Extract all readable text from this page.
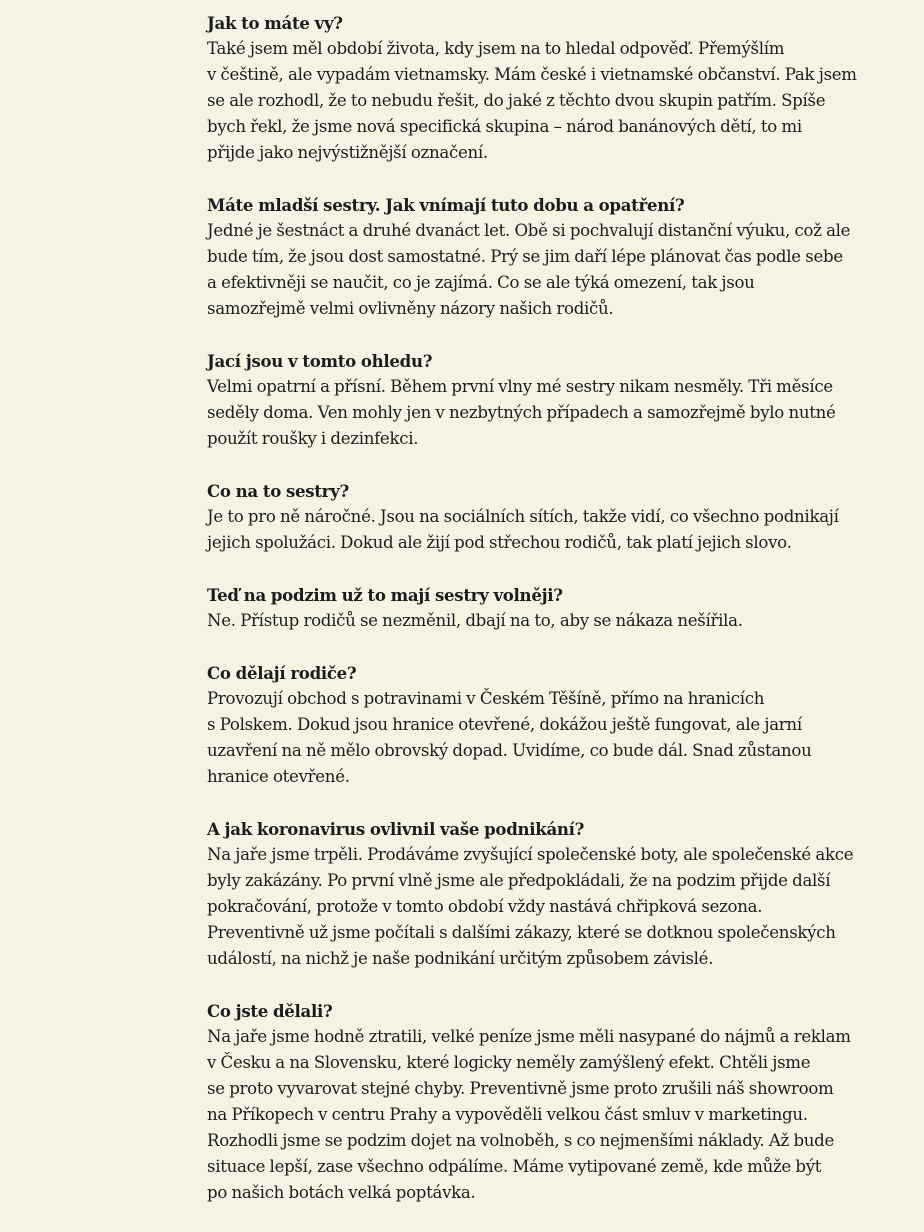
Jak to máte vy?
Také jsem měl období života, kdy jsem na to hledal odpověď. Přemýšlím
v češtině, ale vypadám vietnamsky. Mám české i vietnamské občanství. Pak jsem
se ale rozhodl, že to nebudu řešit, do jaké z těchto dvou skupin patřím. Spíše
bych řekl, že jsme nová specifická skupina – národ banánových dětí, to mi
přijde jako nejvýstižnější označení.
Máte mladší sestry. Jak vnímají tuto dobu a opatření?
Jedné je šestnáct a druhé dvanáct let. Obě si pochvalují distanční výuku, což ale
bude tím, že jsou dost samostatné. Prý se jim daří lépe plánovat čas podle sebe
a efektivněji se naučit, co je zajímá. Co se ale týká omezení, tak jsou
samozřejmě velmi ovlivněny názory našich rodičů.
Jací jsou v tomto ohledu?
Velmi opatrní a přísní. Během první vlny mé sestry nikam nesměly. Tři měsíce
seděly doma. Ven mohly jen v nezbytných případech a samozřejmě bylo nutné
použít roušky i dezinfekci.
Co na to sestry?
Je to pro ně náročné. Jsou na sociálních sítích, takže vidí, co všechno podnikají
jejich spolužáci. Dokud ale žijí pod střechou rodičů, tak platí jejich slovo.
Teď na podzim už to mají sestry volněji?
Ne. Přístup rodičů se nezměnil, dbají na to, aby se nákaza nešířila.
Co dělají rodiče?
Provozují obchod s potravinami v Českém Těšíně, přímo na hranicích
s Polskem. Dokud jsou hranice otevřené, dokážou ještě fungovat, ale jarní
uzavření na ně mělo obrovský dopad. Uvidíme, co bude dál. Snad zůstanou
hranice otevřené.
A jak koronavirus ovlivnil vaše podnikání?
Na jaře jsme trpěli. Prodáváme zvyšující společenské boty, ale společenské akce
byly zakázány. Po první vlně jsme ale předpokládali, že na podzim přijde další
pokračování, protože v tomto období vždy nastává chřipková sezona.
Preventivně už jsme počítali s dalšími zákazy, které se dotknou společenských
událostí, na nichž je naše podnikání určitým způsobem závislé.
Co jste dělali?
Na jaře jsme hodně ztratili, velké peníze jsme měli nasypané do nájmů a reklam
v Česku a na Slovensku, které logicky neměly zamýšlený efekt. Chtěli jsme
se proto vyvarovat stejné chyby. Preventivně jsme proto zrušili náš showroom
na Příkopech v centru Prahy a vypověděli velkou část smluv v marketingu.
Rozhodli jsme se podzim dojet na volnoběh, s co nejmenšími náklady. Až bude
situace lepší, zase všechno odpálíme. Máme vytipované země, kde může být
po našich botách velká poptávka.
